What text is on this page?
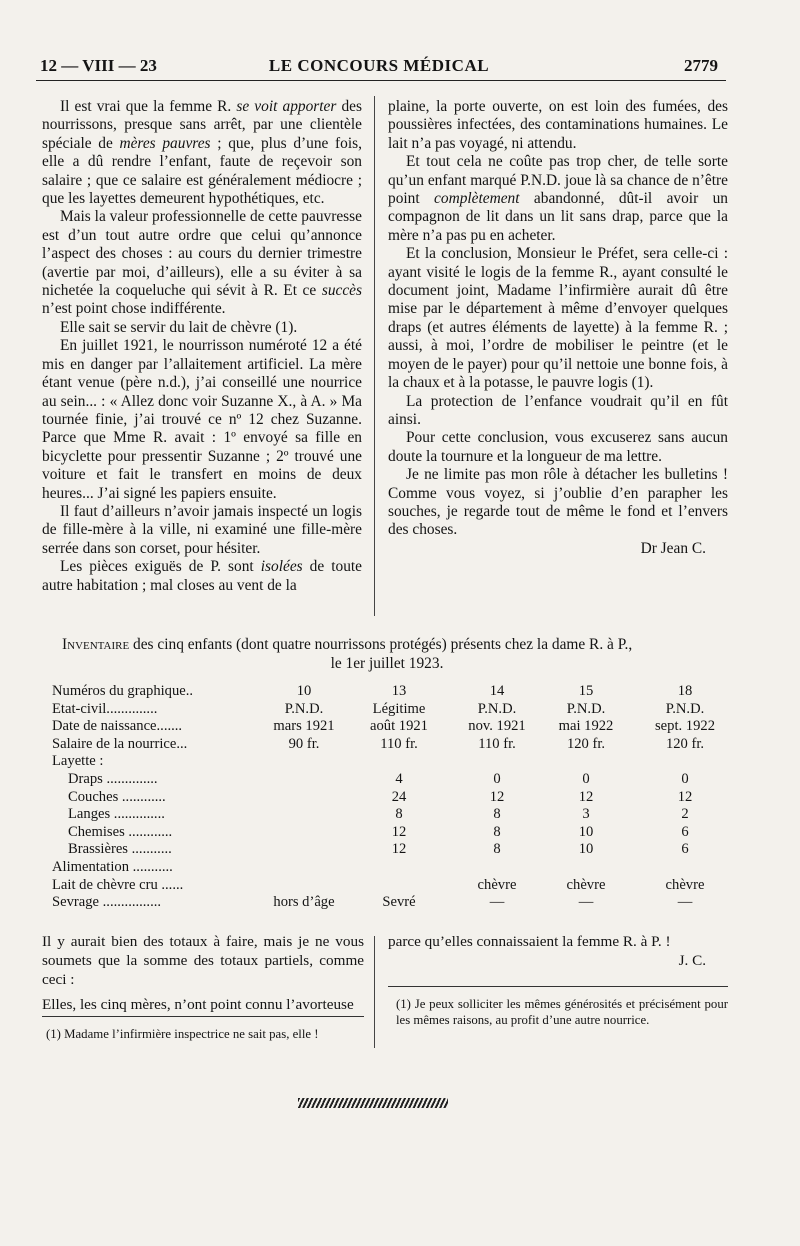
12 — VIII — 23	LE CONCOURS MÉDICAL	2779

Il est vrai que la femme R. se voit apporter des nourrissons, presque sans arrêt, par une clientèle spéciale de mères pauvres ; que, plus d’une fois, elle a dû rendre l’enfant, faute de reçevoir son salaire ; que ce salaire est généralement médiocre ; que les layettes demeurent hypothétiques, etc.

Mais la valeur professionnelle de cette pauvresse est d’un tout autre ordre que celui qu’annonce l’aspect des choses : au cours du dernier trimestre (avertie par moi, d’ailleurs), elle a su éviter à sa nichetée la coqueluche qui sévit à R. Et ce succès n’est point chose indifférente.

Elle sait se servir du lait de chèvre (1).

En juillet 1921, le nourrisson numéroté 12 a été mis en danger par l’allaitement artificiel. La mère étant venue (père n.d.), j’ai conseillé une nourrice au sein... : « Allez donc voir Suzanne X., à A. » Ma tournée finie, j’ai trouvé ce nº 12 chez Suzanne. Parce que Mme R. avait : 1º envoyé sa fille en bicyclette pour pressentir Suzanne ; 2º trouvé une voiture et fait le transfert en moins de deux heures... J’ai signé les papiers ensuite.

Il faut d’ailleurs n’avoir jamais inspecté un logis de fille-mère à la ville, ni examiné une fille-mère serrée dans son corset, pour hésiter.

Les pièces exiguës de P. sont isolées de toute autre habitation ; mal closes au vent de la

plaine, la porte ouverte, on est loin des fumées, des poussières infectées, des contaminations humaines. Le lait n’a pas voyagé, ni attendu.

Et tout cela ne coûte pas trop cher, de telle sorte qu’un enfant marqué P.N.D. joue là sa chance de n’être point complètement abandonné, dût-il avoir un compagnon de lit dans un lit sans drap, parce que la mère n’a pas pu en acheter.

Et la conclusion, Monsieur le Préfet, sera celle-ci : ayant visité le logis de la femme R., ayant consulté le document joint, Madame l’infirmière aurait dû être mise par le département à même d’envoyer quelques draps (et autres éléments de layette) à la femme R. ; aussi, à moi, l’ordre de mobiliser le peintre (et le moyen de le payer) pour qu’il nettoie une bonne fois, à la chaux et à la potasse, le pauvre logis (1).

La protection de l’enfance voudrait qu’il en fût ainsi.

Pour cette conclusion, vous excuserez sans aucun doute la tournure et la longueur de ma lettre.

Je ne limite pas mon rôle à détacher les bulletins ! Comme vous voyez, si j’oublie d’en parapher les souches, je regarde tout de même le fond et l’envers des choses.

Dr Jean C.

Inventaire des cinq enfants (dont quatre nourrissons protégés) présents chez la dame R. à P.,
le 1er juillet 1923.
Numéros du graphique..	10	13	14	15	18
Etat-civil..............	P.N.D.	Légitime	P.N.D.	P.N.D.	P.N.D.
Date de naissance.......	mars 1921	août 1921	nov. 1921	mai 1922	sept. 1922
Salaire de la nourrice...	90 fr.	110 fr.	110 fr.	120 fr.	120 fr.
Layette :					
Draps ..............		4	0	0	0
Couches ............		24	12	12	12
Langes ..............		8	8	3	2
Chemises ............		12	8	10	6
Brassières ...........		12	8	10	6
Alimentation ...........					
Lait de chèvre cru ......			chèvre	chèvre	chèvre
Sevrage ................	hors d’âge	Sevré	—	—	—

Il y aurait bien des totaux à faire, mais je ne vous soumets que la somme des totaux partiels, comme ceci :

Elles, les cinq mères, n’ont point connu l’avorteuse

parce qu’elles connaissaient la femme R. à P. !

J. C.

(1) Madame l’infirmière inspectrice ne sait pas, elle !
(1) Je peux solliciter les mêmes générosités et précisément pour les mêmes raisons, au profit d’une autre nourrice.
